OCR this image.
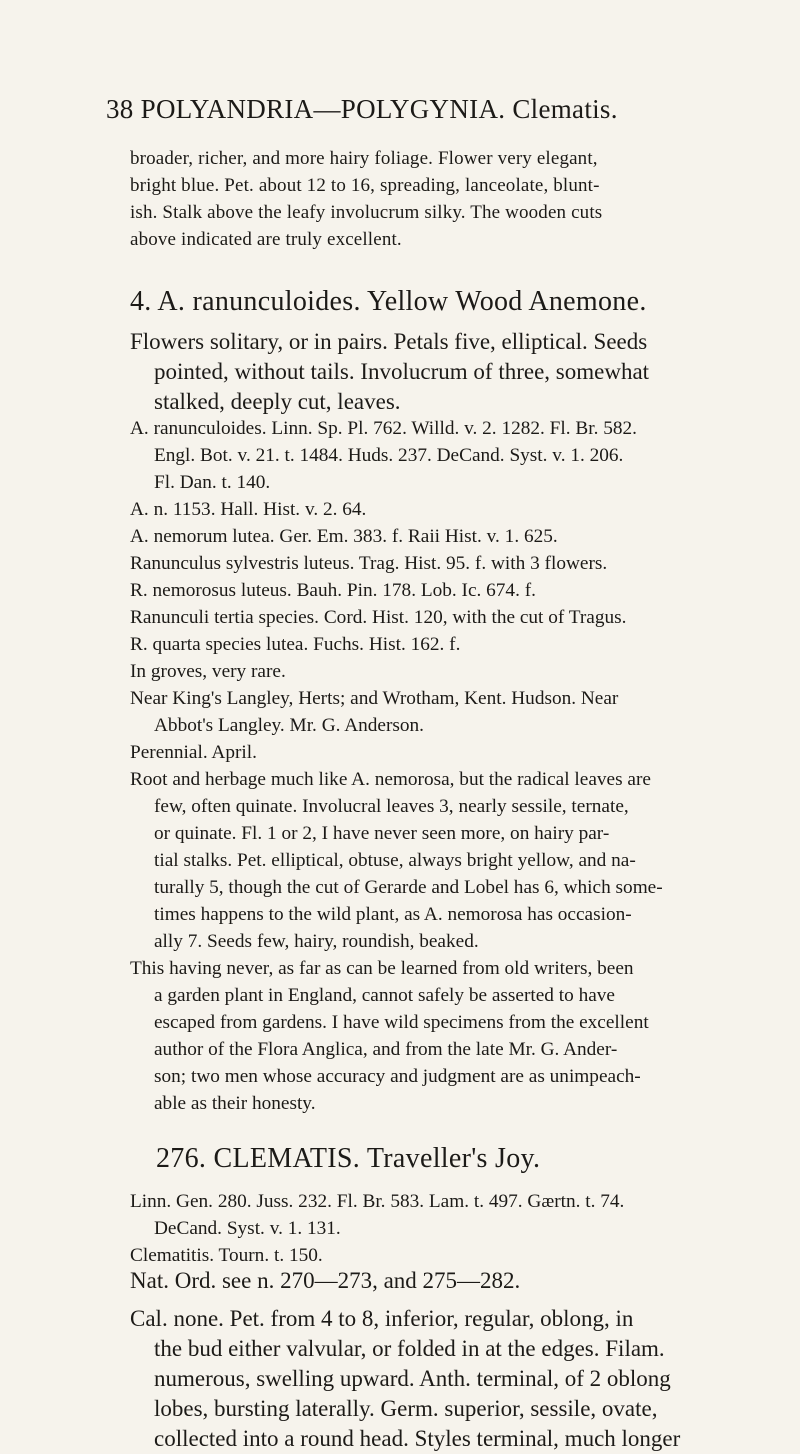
38 POLYANDRIA—POLYGYNIA. Clematis.
broader, richer, and more hairy foliage. Flower very elegant,
bright blue. Pet. about 12 to 16, spreading, lanceolate, blunt-
ish. Stalk above the leafy involucrum silky. The wooden cuts
above indicated are truly excellent.
4. A. ranunculoides. Yellow Wood Anemone.
Flowers solitary, or in pairs. Petals five, elliptical. Seeds
pointed, without tails. Involucrum of three, somewhat
stalked, deeply cut, leaves.
A. ranunculoides. Linn. Sp. Pl. 762. Willd. v. 2. 1282. Fl. Br. 582.
Engl. Bot. v. 21. t. 1484. Huds. 237. DeCand. Syst. v. 1. 206.
Fl. Dan. t. 140.
A. n. 1153. Hall. Hist. v. 2. 64.
A. nemorum lutea. Ger. Em. 383. f. Raii Hist. v. 1. 625.
Ranunculus sylvestris luteus. Trag. Hist. 95. f. with 3 flowers.
R. nemorosus luteus. Bauh. Pin. 178. Lob. Ic. 674. f.
Ranunculi tertia species. Cord. Hist. 120, with the cut of Tragus.
R. quarta species lutea. Fuchs. Hist. 162. f.
In groves, very rare.
Near King's Langley, Herts; and Wrotham, Kent. Hudson. Near
Abbot's Langley. Mr. G. Anderson.
Perennial. April.
Root and herbage much like A. nemorosa, but the radical leaves are
few, often quinate. Involucral leaves 3, nearly sessile, ternate,
or quinate. Fl. 1 or 2, I have never seen more, on hairy par-
tial stalks. Pet. elliptical, obtuse, always bright yellow, and na-
turally 5, though the cut of Gerarde and Lobel has 6, which some-
times happens to the wild plant, as A. nemorosa has occasion-
ally 7. Seeds few, hairy, roundish, beaked.
This having never, as far as can be learned from old writers, been
a garden plant in England, cannot safely be asserted to have
escaped from gardens. I have wild specimens from the excellent
author of the Flora Anglica, and from the late Mr. G. Ander-
son; two men whose accuracy and judgment are as unimpeach-
able as their honesty.
276. CLEMATIS. Traveller's Joy.
Linn. Gen. 280. Juss. 232. Fl. Br. 583. Lam. t. 497. Gærtn. t. 74.
DeCand. Syst. v. 1. 131.
Clematitis. Tourn. t. 150.
Nat. Ord. see n. 270—273, and 275—282.
Cal. none. Pet. from 4 to 8, inferior, regular, oblong, in
the bud either valvular, or folded in at the edges. Filam.
numerous, swelling upward. Anth. terminal, of 2 oblong
lobes, bursting laterally. Germ. superior, sessile, ovate,
collected into a round head. Styles terminal, much longer
